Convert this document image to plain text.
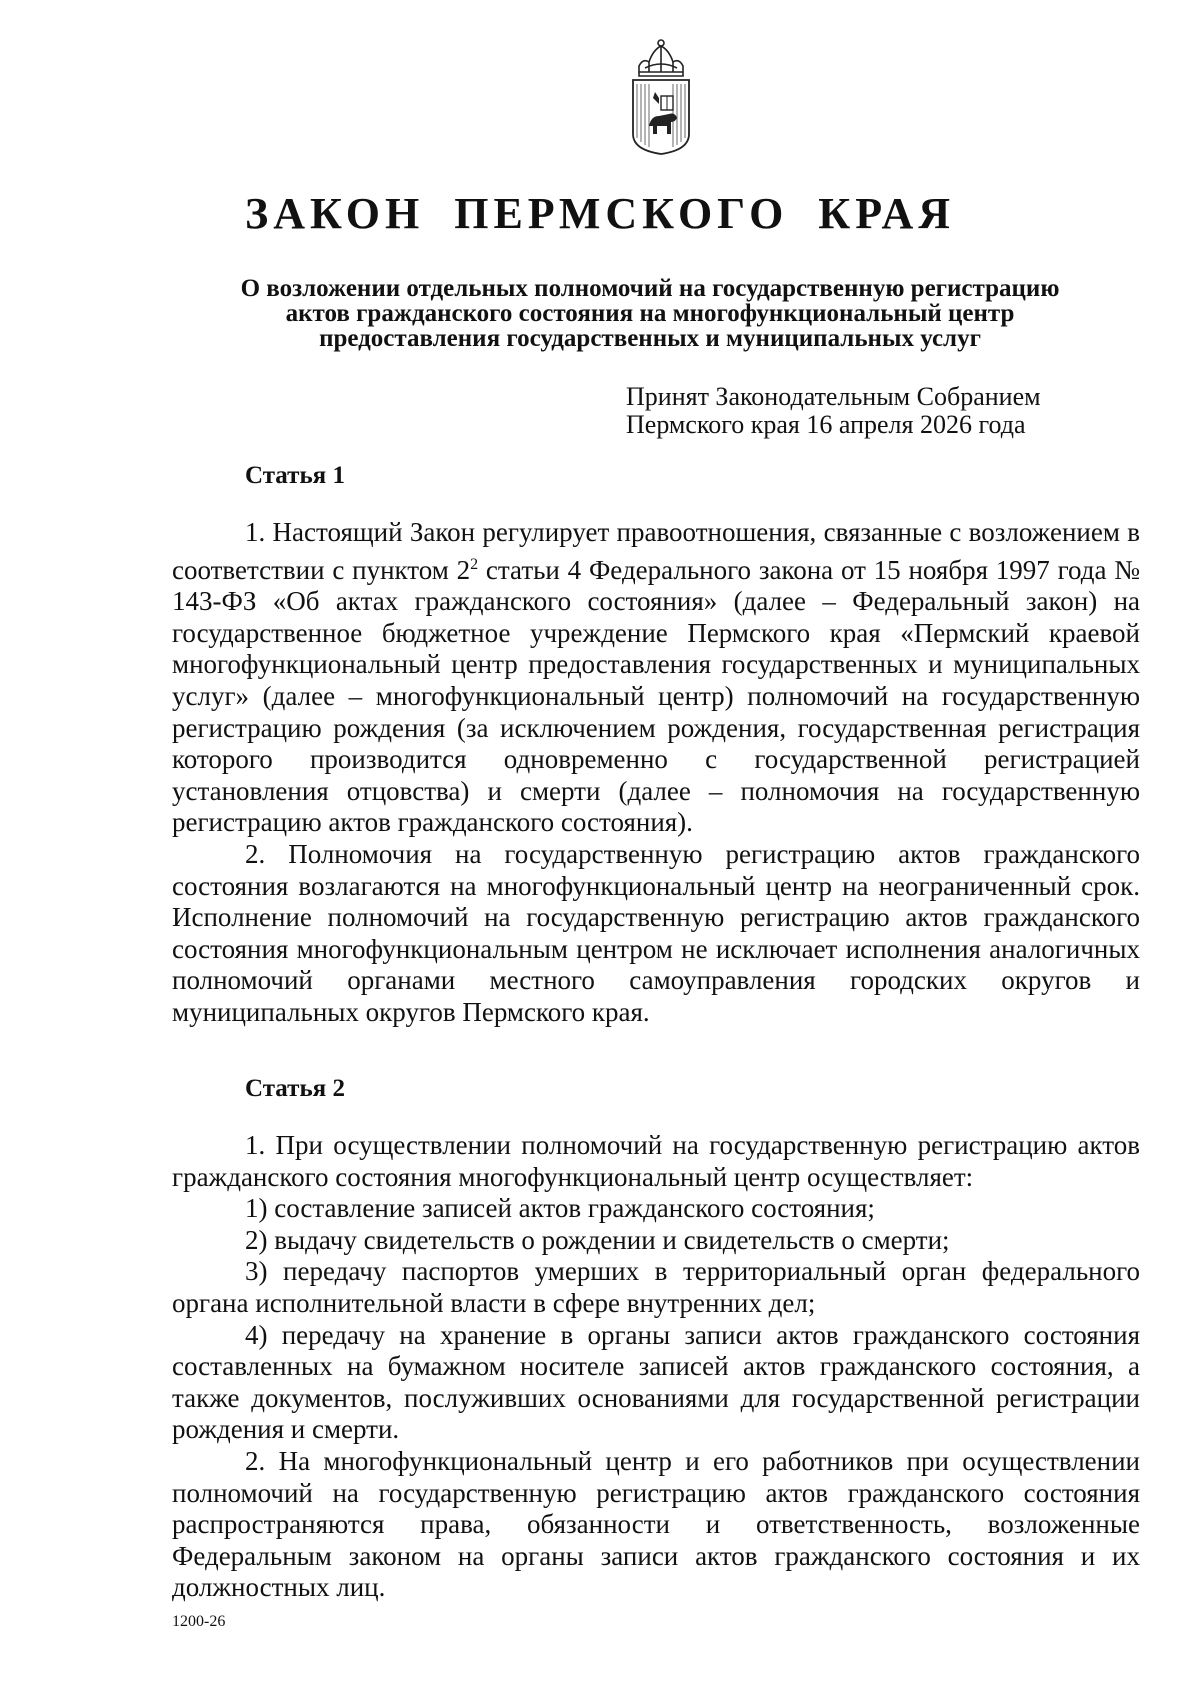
ЗАКОН ПЕРМСКОГО КРАЯ
О возложении отдельных полномочий на государственную регистрацию
актов гражданского состояния на многофункциональный центр
предоставления государственных и муниципальных услуг
Принят Законодательным Собранием
Пермского края 16 апреля 2026 года
Статья 1

1. Настоящий Закон регулирует правоотношения, связанные с возложением в соответствии с пунктом $2^2$ статьи 4 Федерального закона от 15 ноября 1997 года № 143-ФЗ «Об актах гражданского состояния» (далее – Федеральный закон) на государственное бюджетное учреждение Пермского края «Пермский краевой многофункциональный центр предоставления государственных и муниципальных услуг» (далее – многофункциональный центр) полномочий на государственную регистрацию рождения (за исключением рождения, государственная регистрация которого производится одновременно с государственной регистрацией установления отцовства) и смерти (далее – полномочия на государственную регистрацию актов гражданского состояния).

2. Полномочия на государственную регистрацию актов гражданского состояния возлагаются на многофункциональный центр на неограниченный срок. Исполнение полномочий на государственную регистрацию актов гражданского состояния многофункциональным центром не исключает исполнения аналогичных полномочий органами местного самоуправления городских округов и муниципальных округов Пермского края.

Статья 2

1. При осуществлении полномочий на государственную регистрацию актов гражданского состояния многофункциональный центр осуществляет:

1) составление записей актов гражданского состояния;

2) выдачу свидетельств о рождении и свидетельств о смерти;

3) передачу паспортов умерших в территориальный орган федерального органа исполнительной власти в сфере внутренних дел;

4) передачу на хранение в органы записи актов гражданского состояния составленных на бумажном носителе записей актов гражданского состояния, а также документов, послуживших основаниями для государственной регистрации рождения и смерти.

2. На многофункциональный центр и его работников при осуществлении полномочий на государственную регистрацию актов гражданского состояния распространяются права, обязанности и ответственность, возложенные Федеральным законом на органы записи актов гражданского состояния и их должностных лиц.

1200-26
